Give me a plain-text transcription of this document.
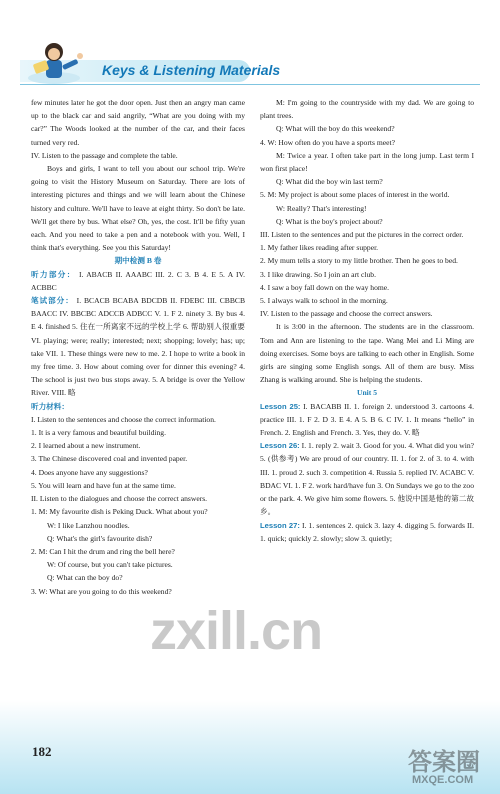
Keys & Listening Materials

few minutes later he got the door open. Just then an angry man came up to the black car and said angrily, “What are you doing with my car?” The Woods looked at the number of the car, and their faces turned very red.

IV. Listen to the passage and complete the table.

Boys and girls, I want to tell you about our school trip. We're going to visit the History Museum on Saturday. There are lots of interesting pictures and things and we will learn about the Chinese history and culture. We'll have to leave at eight thirty. So don't be late. We'll get there by bus. What else? Oh, yes, the cost. It'll be fifty yuan each. And you need to take a pen and a notebook with you. Well, I think that's everything. See you this Saturday!

期中检测 B 卷

听力部分： I. ABACB II. AAABC III. 2. C 3. B 4. E 5. A IV. ACBBC

笔试部分： I. BCACB BCABA BDCDB II. FDEBC III. CBBCB BAACC IV. BBCBC ADCCB ADBCC V. 1. F 2. ninety 3. By bus 4. E 4. finished 5. 住在一所离家不远的学校上学 6. 帮助别人很重要 VI. playing; were; really; interested; next; shopping; lovely; has; up; take VII. 1. These things were new to me. 2. I hope to write a book in my free time. 3. How about coming over for dinner this evening? 4. The school is just two bus stops away. 5. A bridge is over the Yellow River. VIII. 略

听力材料：

I. Listen to the sentences and choose the correct information.

1. It is a very famous and beautiful building.

2. I learned about a new instrument.

3. The Chinese discovered coal and invented paper.

4. Does anyone have any suggestions?

5. You will learn and have fun at the same time.

II. Listen to the dialogues and choose the correct answers.

1. M: My favourite dish is Peking Duck. What about you?

W: I like Lanzhou noodles.

Q: What's the girl's favourite dish?

2. M: Can I hit the drum and ring the bell here?

W: Of course, but you can't take pictures.

Q: What can the boy do?

3. W: What are you going to do this weekend?

M: I'm going to the countryside with my dad. We are going to plant trees.

Q: What will the boy do this weekend?

4. W: How often do you have a sports meet?

M: Twice a year. I often take part in the long jump. Last term I won first place!

Q: What did the boy win last term?

5. M: My project is about some places of interest in the world.

W: Really? That's interesting!

Q: What is the boy's project about?

III. Listen to the sentences and put the pictures in the correct order.

1. My father likes reading after supper.

2. My mum tells a story to my little brother. Then he goes to bed.

3. I like drawing. So I join an art club.

4. I saw a boy fall down on the way home.

5. I always walk to school in the morning.

IV. Listen to the passage and choose the correct answers.

It is 3:00 in the afternoon. The students are in the classroom. Tom and Ann are listening to the tape. Wang Mei and Li Ming are doing exercises. Some boys are talking to each other in English. Some girls are singing some English songs. All of them are busy. Miss Zhang is walking around. She is helping the students.

Unit 5

Lesson 25: I. BACABB II. 1. foreign 2. understood 3. cartoons 4. practice III. 1. F 2. D 3. E 4. A 5. B 6. C IV. 1. It means “hello” in French. 2. English and French. 3. Yes, they do. V. 略

Lesson 26: I. 1. reply 2. wait 3. Good for you. 4. What did you win? 5. (供参考) We are proud of our country. II. 1. for 2. of 3. to 4. with III. 1. proud 2. such 3. competition 4. Russia 5. replied IV. ACABC V. BDAC VI. 1. F 2. work hard/have fun 3. On Sundays we go to the zoo or the park. 4. We give him some flowers. 5. 他说中国是他的第二故乡。

Lesson 27: I. 1. sentences 2. quick 3. lazy 4. digging 5. forwards II. 1. quick; quickly 2. slowly; slow 3. quietly;

182
zxill.cn
答案圈
MXQE.COM
